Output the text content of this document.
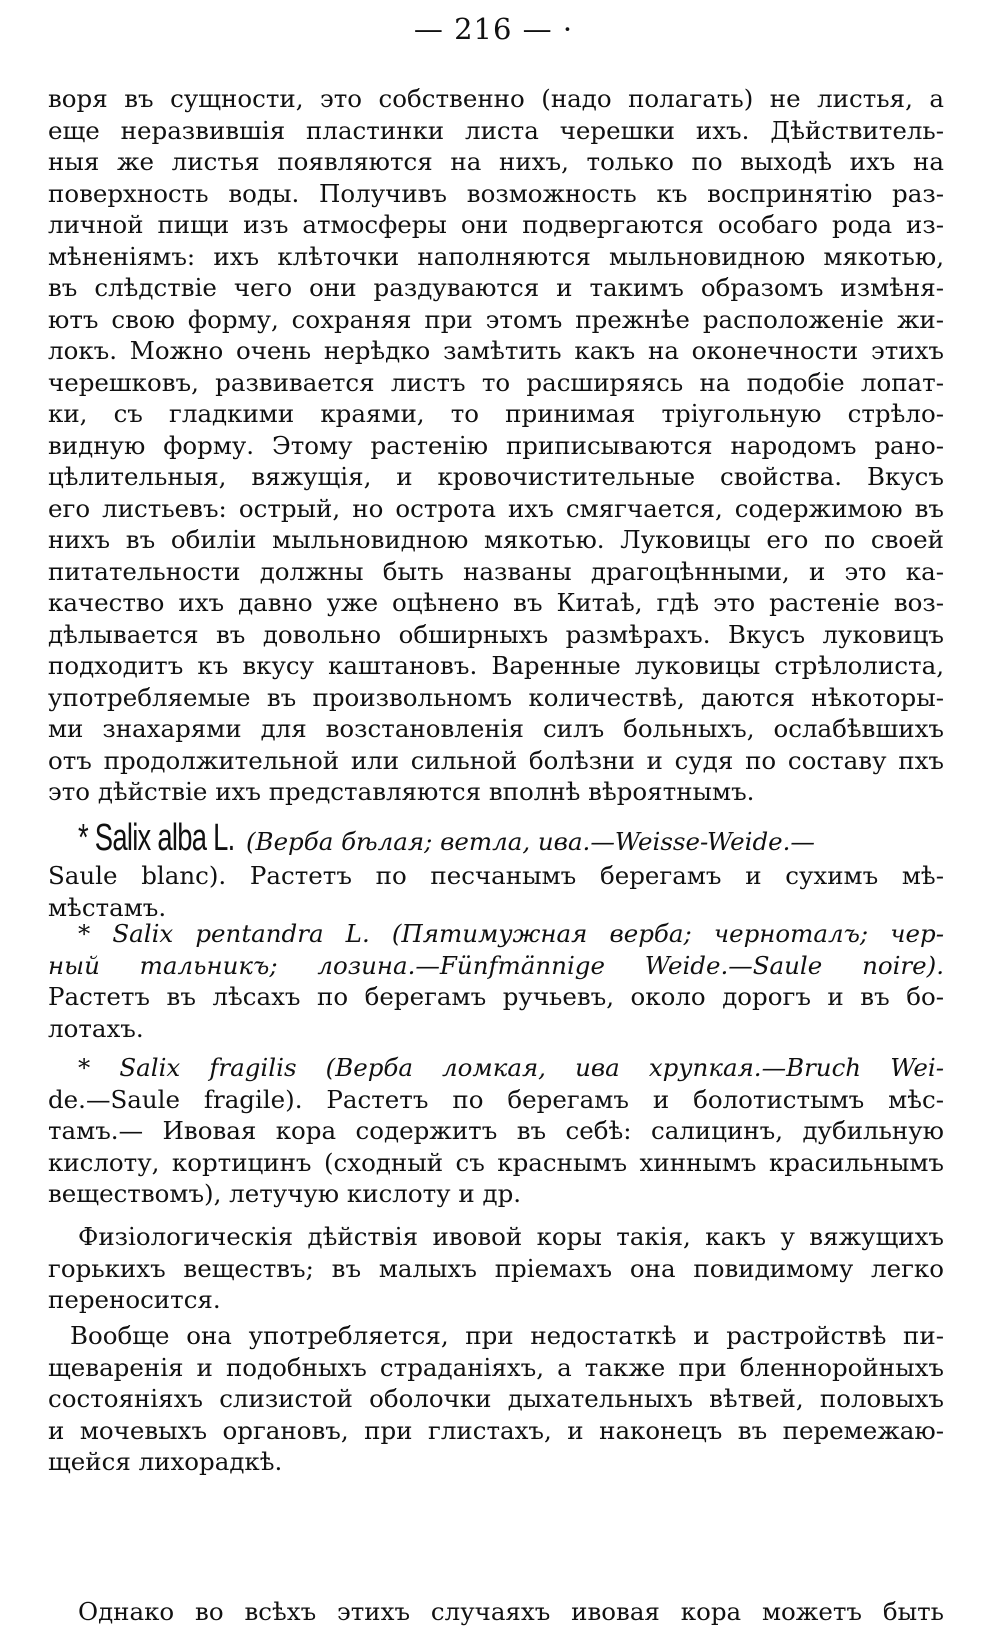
— 216 — ·
воря въ сущности, это собственно (надо полагать) не листья, а
еще неразвившія пластинки листа черешки ихъ. Дѣйствитель-
ныя же листья появляются на нихъ, только по выходѣ ихъ на
поверхность воды. Получивъ возможность къ воспринятію раз-
личной пищи изъ атмосферы они подвергаются особаго рода из-
мѣненіямъ: ихъ клѣточки наполняются мыльновидною мякотью,
въ слѣдствіе чего они раздуваются и такимъ образомъ измѣня-
ютъ свою форму, сохраняя при этомъ прежнѣе расположеніе жи-
локъ. Можно очень нерѣдко замѣтить какъ на оконечности этихъ
черешковъ, развивается листъ то расширяясь на подобіе лопат-
ки, съ гладкими краями, то принимая тріугольную стрѣло-
видную форму. Этому растенію приписываются народомъ рано-
цѣлительныя, вяжущія, и кровочистительные свойства. Вкусъ
его листьевъ: острый, но острота ихъ смягчается, содержимою въ
нихъ въ обиліи мыльновидною мякотью. Луковицы его по своей
питательности должны быть названы драгоцѣнными, и это ка-
качество ихъ давно уже оцѣнено въ Китаѣ, гдѣ это растеніе воз-
дѣлывается въ довольно обширныхъ размѣрахъ. Вкусъ луковицъ
подходитъ къ вкусу каштановъ. Варенные луковицы стрѣлолиста,
употребляемые въ произвольномъ количествѣ, даются нѣкоторы-
ми знахарями для возстановленія силъ больныхъ, ослабѣвшихъ
отъ продолжительной или сильной болѣзни и судя по составу пхъ
это дѣйствіе ихъ представляются вполнѣ вѣроятнымъ.
* Salix alba L. (Верба бѣлая; ветла, ива.—Weisse-Weide.—
Saule blanc). Растетъ по песчанымъ берегамъ и сухимъ мѣ-
мѣстамъ.
* Salix pentandra L. (Пятимужная верба; черноталъ; чер-
ный тальникъ; лозина.—Fünfmännige Weide.—Saule noire).
Растетъ въ лѣсахъ по берегамъ ручьевъ, около дорогъ и въ бо-
лотахъ.
* Salix fragilis (Верба ломкая, ива хрупкая.—Bruch Wei-
de.—Saule fragile). Растетъ по берегамъ и болотистымъ мѣс-
тамъ.— Ивовая кора содержитъ въ себѣ: салицинъ, дубильную
кислоту, кортицинъ (сходный съ краснымъ хиннымъ красильнымъ
веществомъ), летучую кислоту и др.
Физіологическія дѣйствія ивовой коры такія, какъ у вяжущихъ
горькихъ веществъ; въ малыхъ пріемахъ она повидимому легко
переносится.
Вообще она употребляется, при недостаткѣ и растройствѣ пи-
щеваренія и подобныхъ страданіяхъ, а также при бленноройныхъ
состояніяхъ слизистой оболочки дыхательныхъ вѣтвей, половыхъ
и мочевыхъ органовъ, при глистахъ, и наконецъ въ перемежаю-
щейся лихорадкѣ.
Однако во всѣхъ этихъ случаяхъ ивовая кора можетъ быть
